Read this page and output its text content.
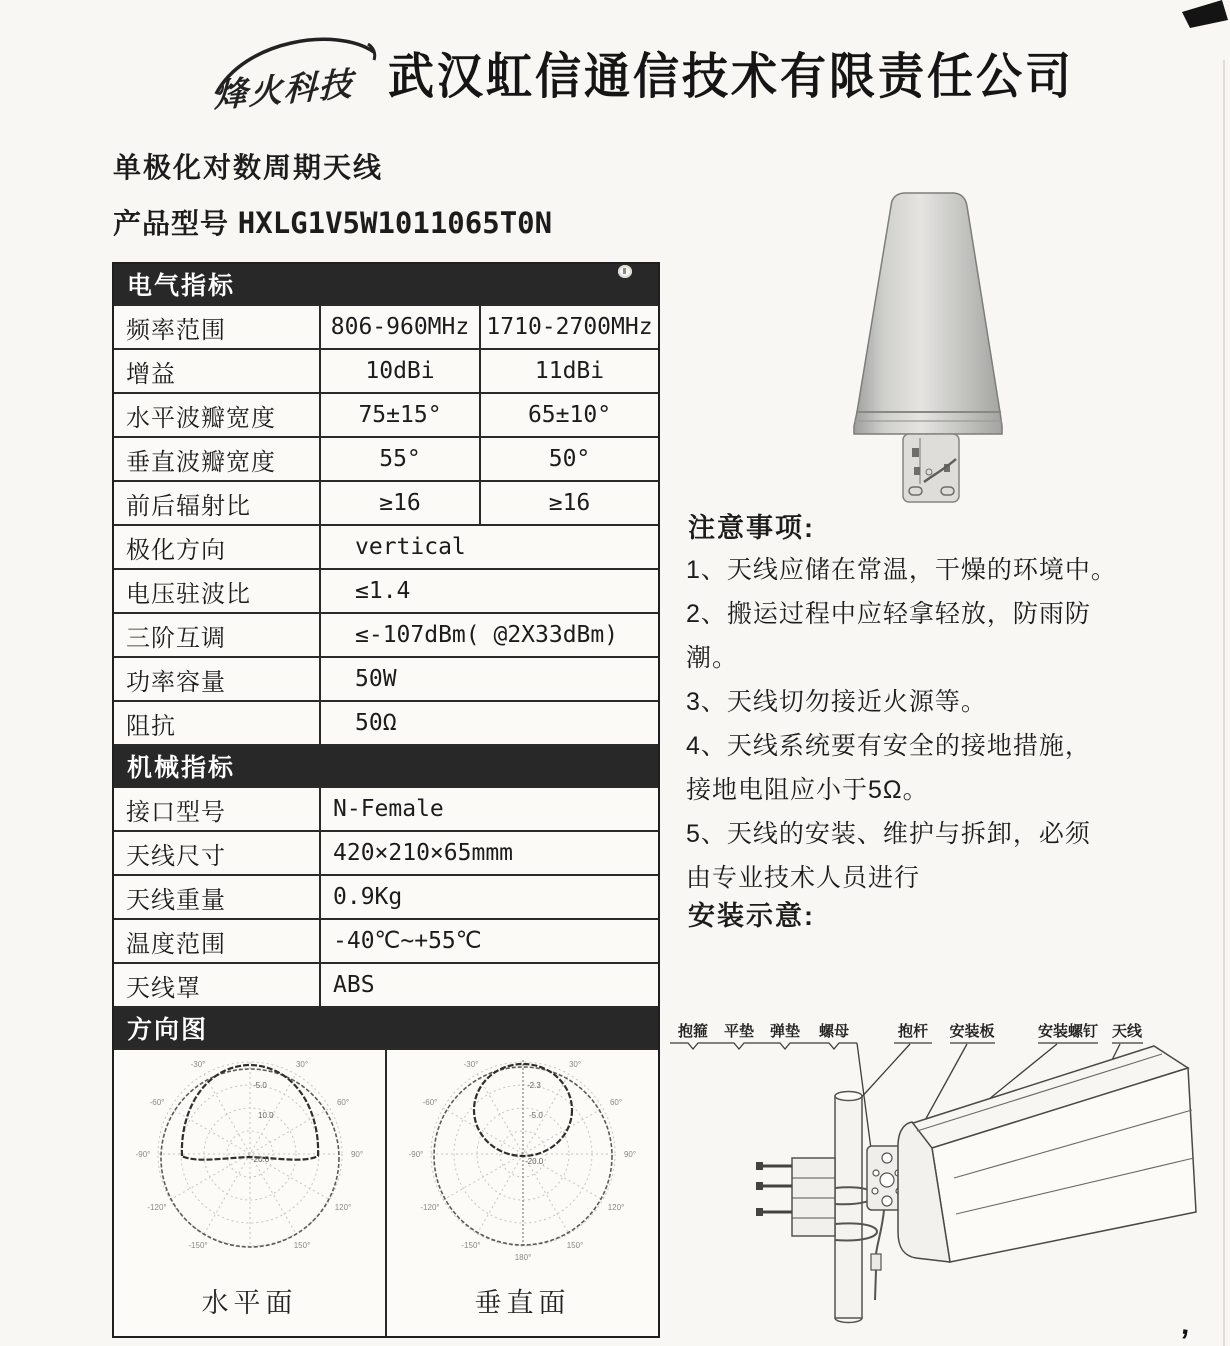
烽火科技 武汉虹信通信技术有限责任公司
单极化对数周期天线
产品型号 HXLG1V5W1011065T0N
电气指标
频率范围	806-960MHz 1710-2700MHz
增益	10dBi	11dBi
水平波瓣宽度	75±15°	65±10°
垂直波瓣宽度	55°	50°
前后辐射比	≥16	≥16
极化方向	vertical
电压驻波比	≤1.4
三阶互调	≤-107dBm( @2X33dBm)
功率容量	50W
阻抗	50Ω
机械指标
接口型号	N-Female
天线尺寸	420×210×65mmm
天线重量	0.9Kg
温度范围	-40℃~+55℃
天线罩	ABS
方向图
-30°	30°
-60°	60°
-90°	90°
-120°	120°
-150°	150°
-5.0
10.0
-20.0
水平面
-30°	30°
-60°	60°
-90°	90°
-120°	120°
-150°	150°
180°
-2.3
-5.0
-20.0
垂直面
注意事项:
1、天线应储在常温，干燥的环境中。
2、搬运过程中应轻拿轻放，防雨防
潮。
3、天线切勿接近火源等。
4、天线系统要有安全的接地措施，
接地电阻应小于5Ω。
5、天线的安装、维护与拆卸，必须
由专业技术人员进行
安装示意:
抱箍 平垫 弹垫 螺母	抱杆 安装板	安装螺钉 天线
,
